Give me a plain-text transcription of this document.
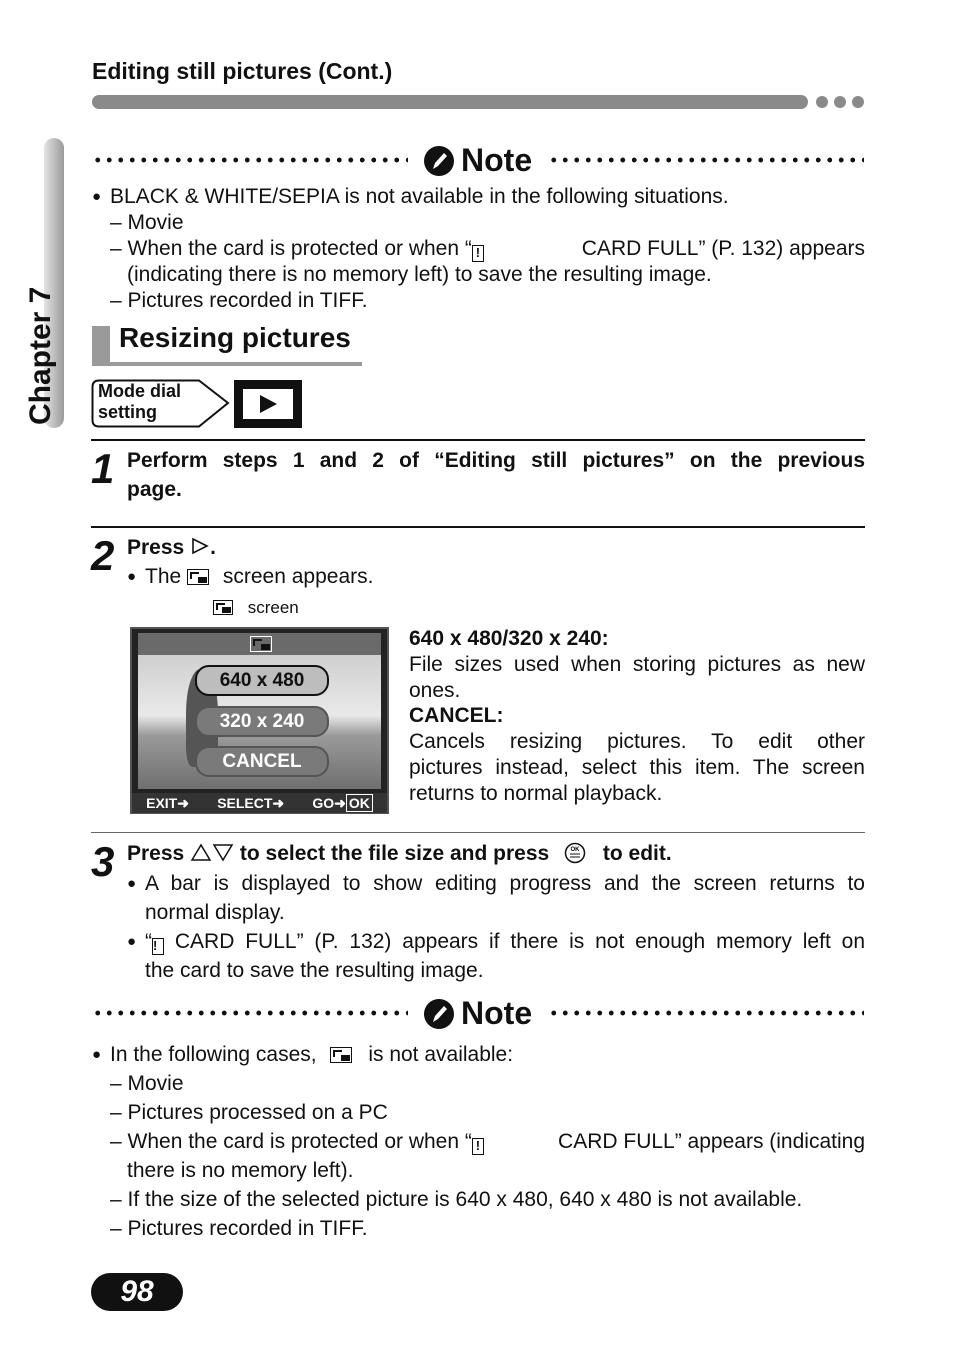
Editing still pictures (Cont.)
Chapter 7
Note
● BLACK & WHITE/SEPIA is not available in the following situations.
– Movie
– When the card is protected or when “ !	CARD FULL” (P. 132) appears
(indicating there is no memory left) to save the resulting image.
– Pictures recorded in TIFF.
Resizing pictures
Mode dial
setting
1 Perform steps 1 and 2 of “Editing still pictures” on the previous
page.
2 Press .
● The screen appears.
screen
640 x 480
320 x 240
CANCEL
EXIT➜ SELECT➜ GO➜ OK
640 x 480/320 x 240:
File sizes used when storing pictures as new
ones.
CANCEL:
Cancels resizing pictures. To edit other
pictures instead, select this item. The screen
returns to normal playback.
3 Press	to select the file size and press	OK to edit.
● A bar is displayed to show editing progress and the screen returns to
normal display.
● “! CARD FULL” (P. 132) appears if there is not enough memory left on
the card to save the resulting image.
Note
● In the following cases, is not available:
– Movie
– Pictures processed on a PC
– When the card is protected or when “ !	CARD FULL” appears (indicating
there is no memory left).
– If the size of the selected picture is 640 x 480, 640 x 480 is not available.
– Pictures recorded in TIFF.
98
